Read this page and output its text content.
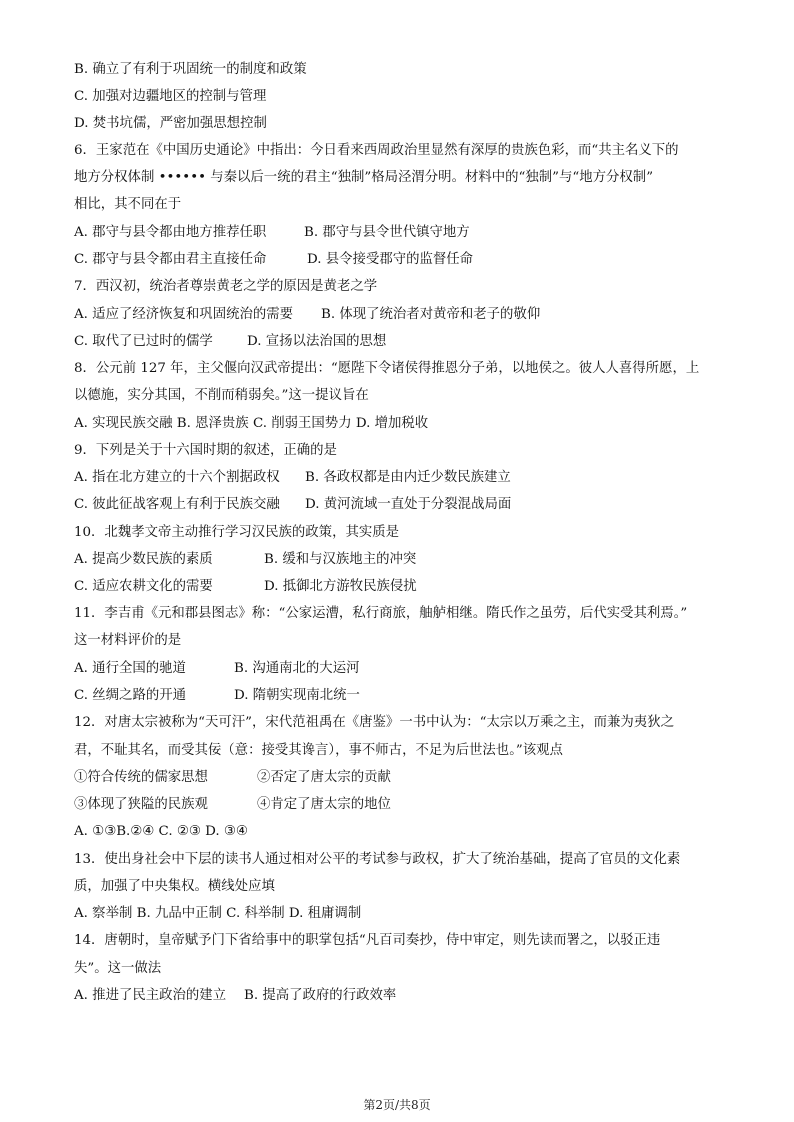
B. 确立了有利于巩固统一的制度和政策
C. 加强对边疆地区的控制与管理
D. 焚书坑儒，严密加强思想控制
6．王家范在《中国历史通论》中指出：今日看来西周政治里显然有深厚的贵族色彩，而“共主名义下的
地方分权体制 •••••• 与秦以后一统的君主“独制”格局泾渭分明。材料中的“独制”与“地方分权制”
相比，其不同在于
A. 郡守与县令都由地方推荐任职	B. 郡守与县令世代镇守地方
C. 郡守与县令都由君主直接任命	D. 县令接受郡守的监督任命
7．西汉初，统治者尊崇黄老之学的原因是黄老之学
A. 适应了经济恢复和巩固统治的需要 B. 体现了统治者对黄帝和老子的敬仰
C. 取代了已过时的儒学	D. 宣扬以法治国的思想
8．公元前 127 年，主父偃向汉武帝提出：“愿陛下令诸侯得推恩分子弟，以地侯之。彼人人喜得所愿，上
以德施，实分其国，不削而稍弱矣。”这一提议旨在
A. 实现民族交融 B. 恩泽贵族 C. 削弱王国势力 D. 增加税收
9．下列是关于十六国时期的叙述，正确的是
A. 指在北方建立的十六个割据政权 B. 各政权都是由内迁少数民族建立
C. 彼此征战客观上有利于民族交融 D. 黄河流域一直处于分裂混战局面
10．北魏孝文帝主动推行学习汉民族的政策，其实质是
A. 提高少数民族的素质	B. 缓和与汉族地主的冲突
C. 适应农耕文化的需要	D. 抵御北方游牧民族侵扰
11．李吉甫《元和郡县图志》称：“公家运漕，私行商旅，舳舻相继。隋氏作之虽劳，后代实受其利焉。”
这一材料评价的是
A. 通行全国的驰道	B. 沟通南北的大运河
C. 丝绸之路的开通	D. 隋朝实现南北统一
12．对唐太宗被称为“天可汗”，宋代范祖禹在《唐鉴》一书中认为：“太宗以万乘之主，而兼为夷狄之
君，不耻其名，而受其佞（意：接受其谗言），事不师古，不足为后世法也。”该观点
①符合传统的儒家思想	②否定了唐太宗的贡献
③体现了狭隘的民族观	④肯定了唐太宗的地位
A. ①③B.②④ C. ②③ D. ③④
13．使出身社会中下层的读书人通过相对公平的考试参与政权，扩大了统治基础，提高了官员的文化素
质，加强了中央集权。横线处应填
A. 察举制 B. 九品中正制 C. 科举制 D. 租庸调制
14．唐朝时，皇帝赋予门下省给事中的职掌包括“凡百司奏抄，侍中审定，则先读而署之，以驳正违
失”。这一做法
A. 推进了民主政治的建立 B. 提高了政府的行政效率
第2页/共8页
